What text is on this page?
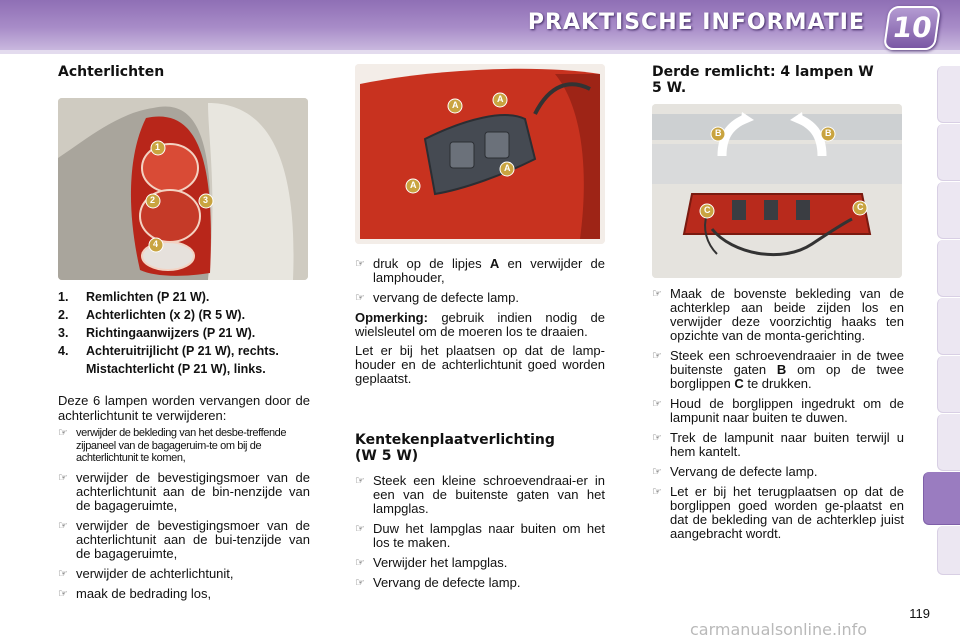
PRAKTISCHE INFORMATIE 10
Achterlichten
1
2	3
4
1.	Remlichten (P 21 W).
2.	Achterlichten (x 2) (R 5 W).
3.	Richtingaanwijzers (P 21 W).
4.	Achteruitrijlicht (P 21 W), rechts.
Mistachterlicht (P 21 W), links.

Deze 6 lampen worden vervangen door de achterlichtunit te verwijderen:

☞ verwijder de bekleding van het desbe-treffende zijpaneel van de bagageruim-te om bij de achterlichtunit te komen,
☞ verwijder de bevestigingsmoer van de achterlichtunit aan de bin-nenzijde van de bagageruimte,
☞ verwijder de bevestigingsmoer van de achterlichtunit aan de bui-tenzijde van de bagageruimte,
☞ verwijder de achterlichtunit,
☞ maak de bedrading los,
A
A
A
A
☞ druk op de lipjes A en verwijder de lamphouder,
☞ vervang de defecte lamp.

Opmerking: gebruik indien nodig de wielsleutel om de moeren los te draaien.

Let er bij het plaatsen op dat de lamp-houder en de achterlichtunit goed worden geplaatst.

Kentekenplaatverlichting (W 5 W)
☞ Steek een kleine schroevendraai-er in een van de buitenste gaten van het lampglas.
☞ Duw het lampglas naar buiten om het los te maken.
☞ Verwijder het lampglas.
☞ Vervang de defecte lamp.
Derde remlicht: 4 lampen W 5 W.
B	B
C	C
☞ Maak de bovenste bekleding van de achterklep aan beide zijden los en verwijder deze voorzichtig haaks ten opzichte van de monta-gerichting.
☞ Steek een schroevendraaier in de twee buitenste gaten B om op de twee borglippen C te drukken.
☞ Houd de borglippen ingedrukt om de lampunit naar buiten te duwen.
☞ Trek de lampunit naar buiten terwijl u hem kantelt.
☞ Vervang de defecte lamp.
☞ Let er bij het terugplaatsen op dat de borglippen goed worden ge-plaatst en dat de bekleding van de achterklep juist aangebracht wordt.
119
carmanualsonline.info
